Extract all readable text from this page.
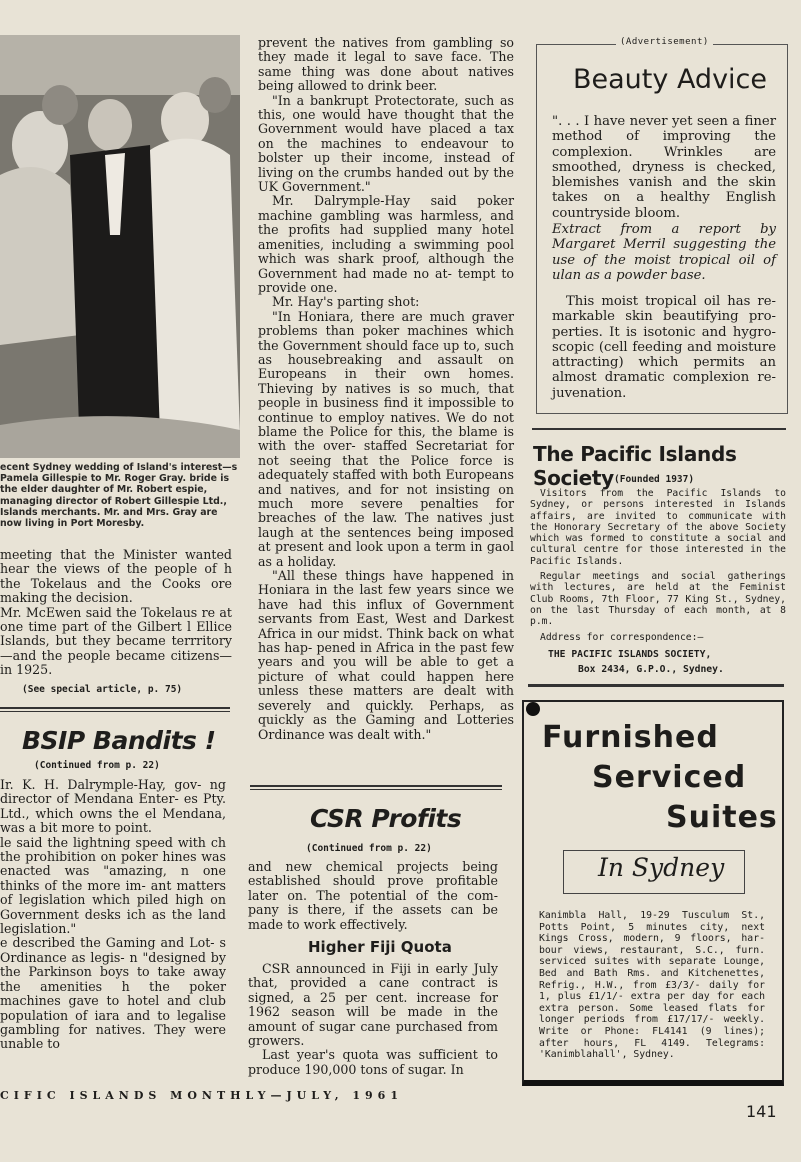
ecent Sydney wedding of Island's interest—s Pamela Gillespie to Mr. Roger Gray. bride is the elder daughter of Mr. Robert espie, managing director of Robert Gillespie Ltd., Islands merchants. Mr. and Mrs. Gray are now living in Port Moresby.

meeting that the Minister wanted hear the views of the people of h the Tokelaus and the Cooks ore making the decision.

Mr. McEwen said the Tokelaus re at one time part of the Gilbert l Ellice Islands, but they became terrritory—and the people became citizens—in 1925.

(See special article, p. 75)
BSIP Bandits !
(Continued from p. 22)

Ir. K. H. Dalrymple-Hay, gov- ng director of Mendana Enter- es Pty. Ltd., which owns the el Mendana, was a bit more to point.

le said the lightning speed with ch the prohibition on poker hines was enacted was "amazing, n one thinks of the more im- ant matters of legislation which piled high on Government desks ich as the land legislation."

e described the Gaming and Lot- s Ordinance as legis- n "designed by the Parkinson boys to take away the amenities h the poker machines gave to hotel and club population of iara and to legalise gambling for natives. They were unable to

prevent the natives from gambling so they made it legal to save face. The same thing was done about natives being allowed to drink beer.

"In a bankrupt Protectorate, such as this, one would have thought that the Government would have placed a tax on the machines to endeavour to bolster up their income, instead of living on the crumbs handed out by the UK Government."

Mr. Dalrymple-Hay said poker machine gambling was harmless, and the profits had supplied many hotel amenities, including a swimming pool which was shark proof, although the Government had made no at- tempt to provide one.

Mr. Hay's parting shot:

"In Honiara, there are much graver problems than poker machines which the Government should face up to, such as housebreaking and assault on Europeans in their own homes. Thieving by natives is so much, that people in business find it impossible to continue to employ natives. We do not blame the Police for this, the blame is with the over- staffed Secretariat for not seeing that the Police force is adequately staffed with both Europeans and natives, and for not insisting on much more severe penalties for breaches of the law. The natives just laugh at the sentences being imposed at present and look upon a term in gaol as a holiday.

"All these things have happened in Honiara in the last few years since we have had this influx of Government servants from East, West and Darkest Africa in our midst. Think back on what has hap- pened in Africa in the past few years and you will be able to get a picture of what could happen here unless these matters are dealt with severely and quickly. Perhaps, as quickly as the Gaming and Lotteries Ordinance was dealt with."

CSR Profits
(Continued from p. 22)

and new chemical projects being established should prove profitable later on. The potential of the com- pany is there, if the assets can be made to work effectively.

Higher Fiji Quota

CSR announced in Fiji in early July that, provided a cane contract is signed, a 25 per cent. increase for 1962 season will be made in the amount of sugar cane purchased from growers.

Last year's quota was sufficient to produce 190,000 tons of sugar. In

(Advertisement)
Beauty Advice
". . . I have never yet seen a finer method of improving the complexion. Wrinkles are smoothed, dryness is checked, blemishes vanish and the skin takes on a healthy English countryside bloom.
Extract from a report by Margaret Merril suggesting the use of the moist tropical oil of ulan as a powder base.
This moist tropical oil has re- markable skin beautifying pro- perties. It is isotonic and hygro- scopic (cell feeding and moisture attracting) which permits an almost dramatic complexion re- juvenation.
The Pacific Islands Society (Founded 1937)
Visitors from the Pacific Islands to Sydney, or persons interested in Islands affairs, are invited to communicate with the Honorary Secretary of the above Society which was formed to constitute a social and cultural centre for those interested in the Pacific Islands.
Regular meetings and social gatherings with lectures, are held at the Feminist Club Rooms, 7th Floor, 77 King St., Sydney, on the last Thursday of each month, at 8 p.m.
Address for correspondence:—
THE PACIFIC ISLANDS SOCIETY,
Box 2434, G.P.O., Sydney.
Furnished
Serviced
Suites
In Sydney
Kanimbla Hall, 19-29 Tusculum St., Potts Point, 5 minutes city, next Kings Cross, modern, 9 floors, har- bour views, restaurant, S.C., furn. serviced suites with separate Lounge, Bed and Bath Rms. and Kitchenettes, Refrig., H.W., from £3/3/- daily for 1, plus £1/1/- extra per day for each extra person. Some leased flats for longer periods from £17/17/- weekly. Write or Phone: FL4141 (9 lines); after hours, FL 4149. Telegrams: 'Kanimblahall', Sydney.
CIFIC ISLANDS MONTHLY—JULY, 1961
141
